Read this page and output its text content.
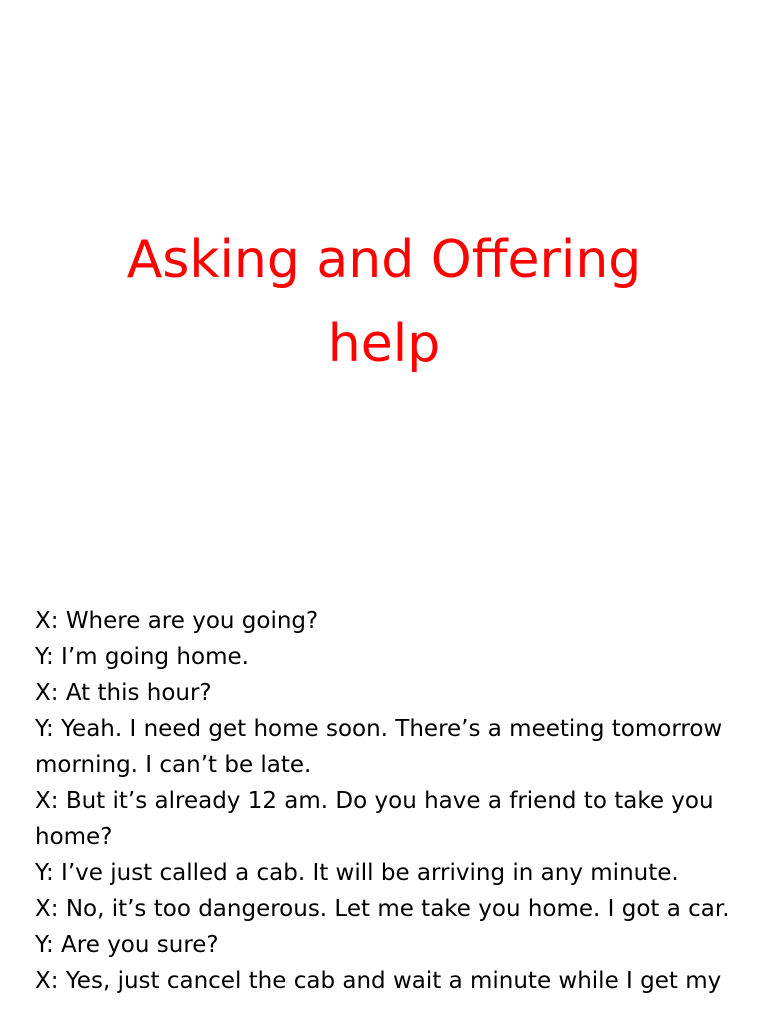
Asking and Offering
help
X: Where are you going?
Y: I’m going home.
X: At this hour?
Y: Yeah. I need get home soon. There’s a meeting tomorrow morning. I can’t be late.
X: But it’s already 12 am. Do you have a friend to take you home?
Y: I’ve just called a cab. It will be arriving in any minute.
X: No, it’s too dangerous. Let me take you home. I got a car.
Y: Are you sure?
X: Yes, just cancel the cab and wait a minute while I get my
